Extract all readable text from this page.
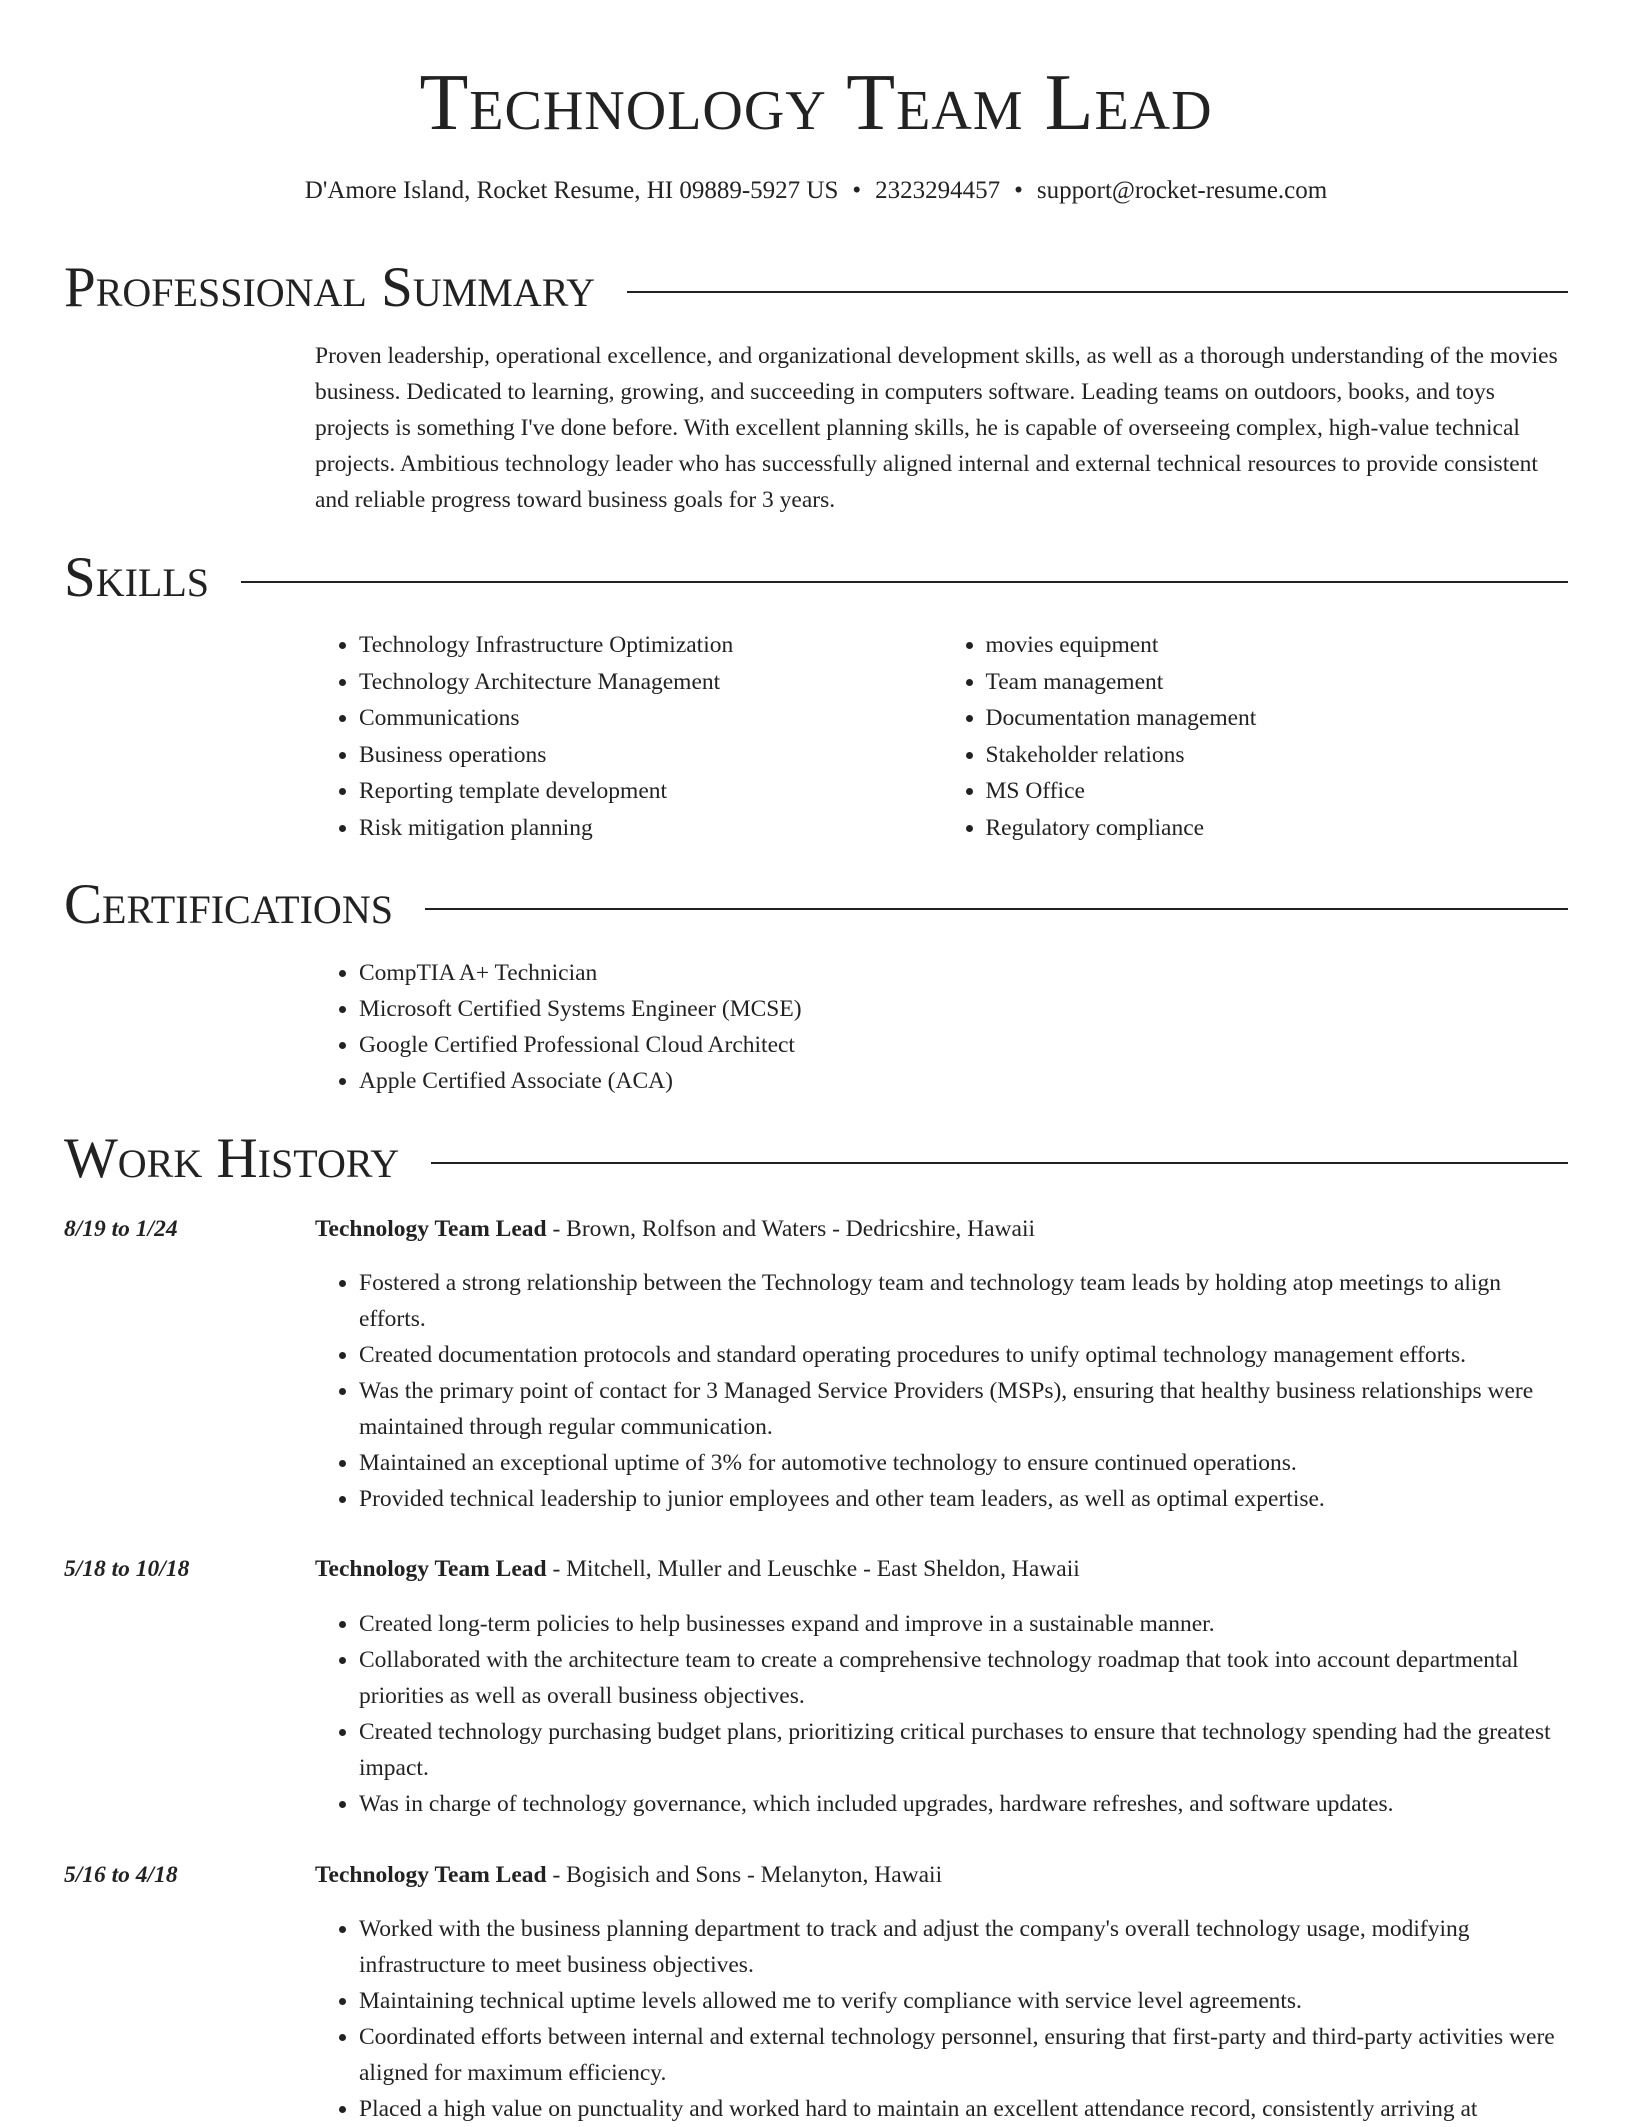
Technology Team Lead
D'Amore Island, Rocket Resume, HI 09889-5927 US • 2323294457 • support@rocket-resume.com
Professional Summary
Proven leadership, operational excellence, and organizational development skills, as well as a thorough understanding of the movies business. Dedicated to learning, growing, and succeeding in computers software. Leading teams on outdoors, books, and toys projects is something I've done before. With excellent planning skills, he is capable of overseeing complex, high-value technical projects. Ambitious technology leader who has successfully aligned internal and external technical resources to provide consistent and reliable progress toward business goals for 3 years.
Skills
• Technology Infrastructure Optimization
• Technology Architecture Management
• Communications
• Business operations
• Reporting template development
• Risk mitigation planning
• movies equipment
• Team management
• Documentation management
• Stakeholder relations
• MS Office
• Regulatory compliance
Certifications
• CompTIA A+ Technician
• Microsoft Certified Systems Engineer (MCSE)
• Google Certified Professional Cloud Architect
• Apple Certified Associate (ACA)
Work History
8/19 to 1/24	Technology Team Lead - Brown, Rolfson and Waters - Dedricshire, Hawaii
• Fostered a strong relationship between the Technology team and technology team leads by holding atop meetings to align efforts.
• Created documentation protocols and standard operating procedures to unify optimal technology management efforts.
• Was the primary point of contact for 3 Managed Service Providers (MSPs), ensuring that healthy business relationships were maintained through regular communication.
• Maintained an exceptional uptime of 3% for automotive technology to ensure continued operations.
• Provided technical leadership to junior employees and other team leaders, as well as optimal expertise.
5/18 to 10/18	Technology Team Lead - Mitchell, Muller and Leuschke - East Sheldon, Hawaii
• Created long-term policies to help businesses expand and improve in a sustainable manner.
• Collaborated with the architecture team to create a comprehensive technology roadmap that took into account departmental priorities as well as overall business objectives.
• Created technology purchasing budget plans, prioritizing critical purchases to ensure that technology spending had the greatest impact.
• Was in charge of technology governance, which included upgrades, hardware refreshes, and software updates.
5/16 to 4/18	Technology Team Lead - Bogisich and Sons - Melanyton, Hawaii
• Worked with the business planning department to track and adjust the company's overall technology usage, modifying infrastructure to meet business objectives.
• Maintaining technical uptime levels allowed me to verify compliance with service level agreements.
• Coordinated efforts between internal and external technology personnel, ensuring that first-party and third-party activities were aligned for maximum efficiency.
• Placed a high value on punctuality and worked hard to maintain an excellent attendance record, consistently arriving at
